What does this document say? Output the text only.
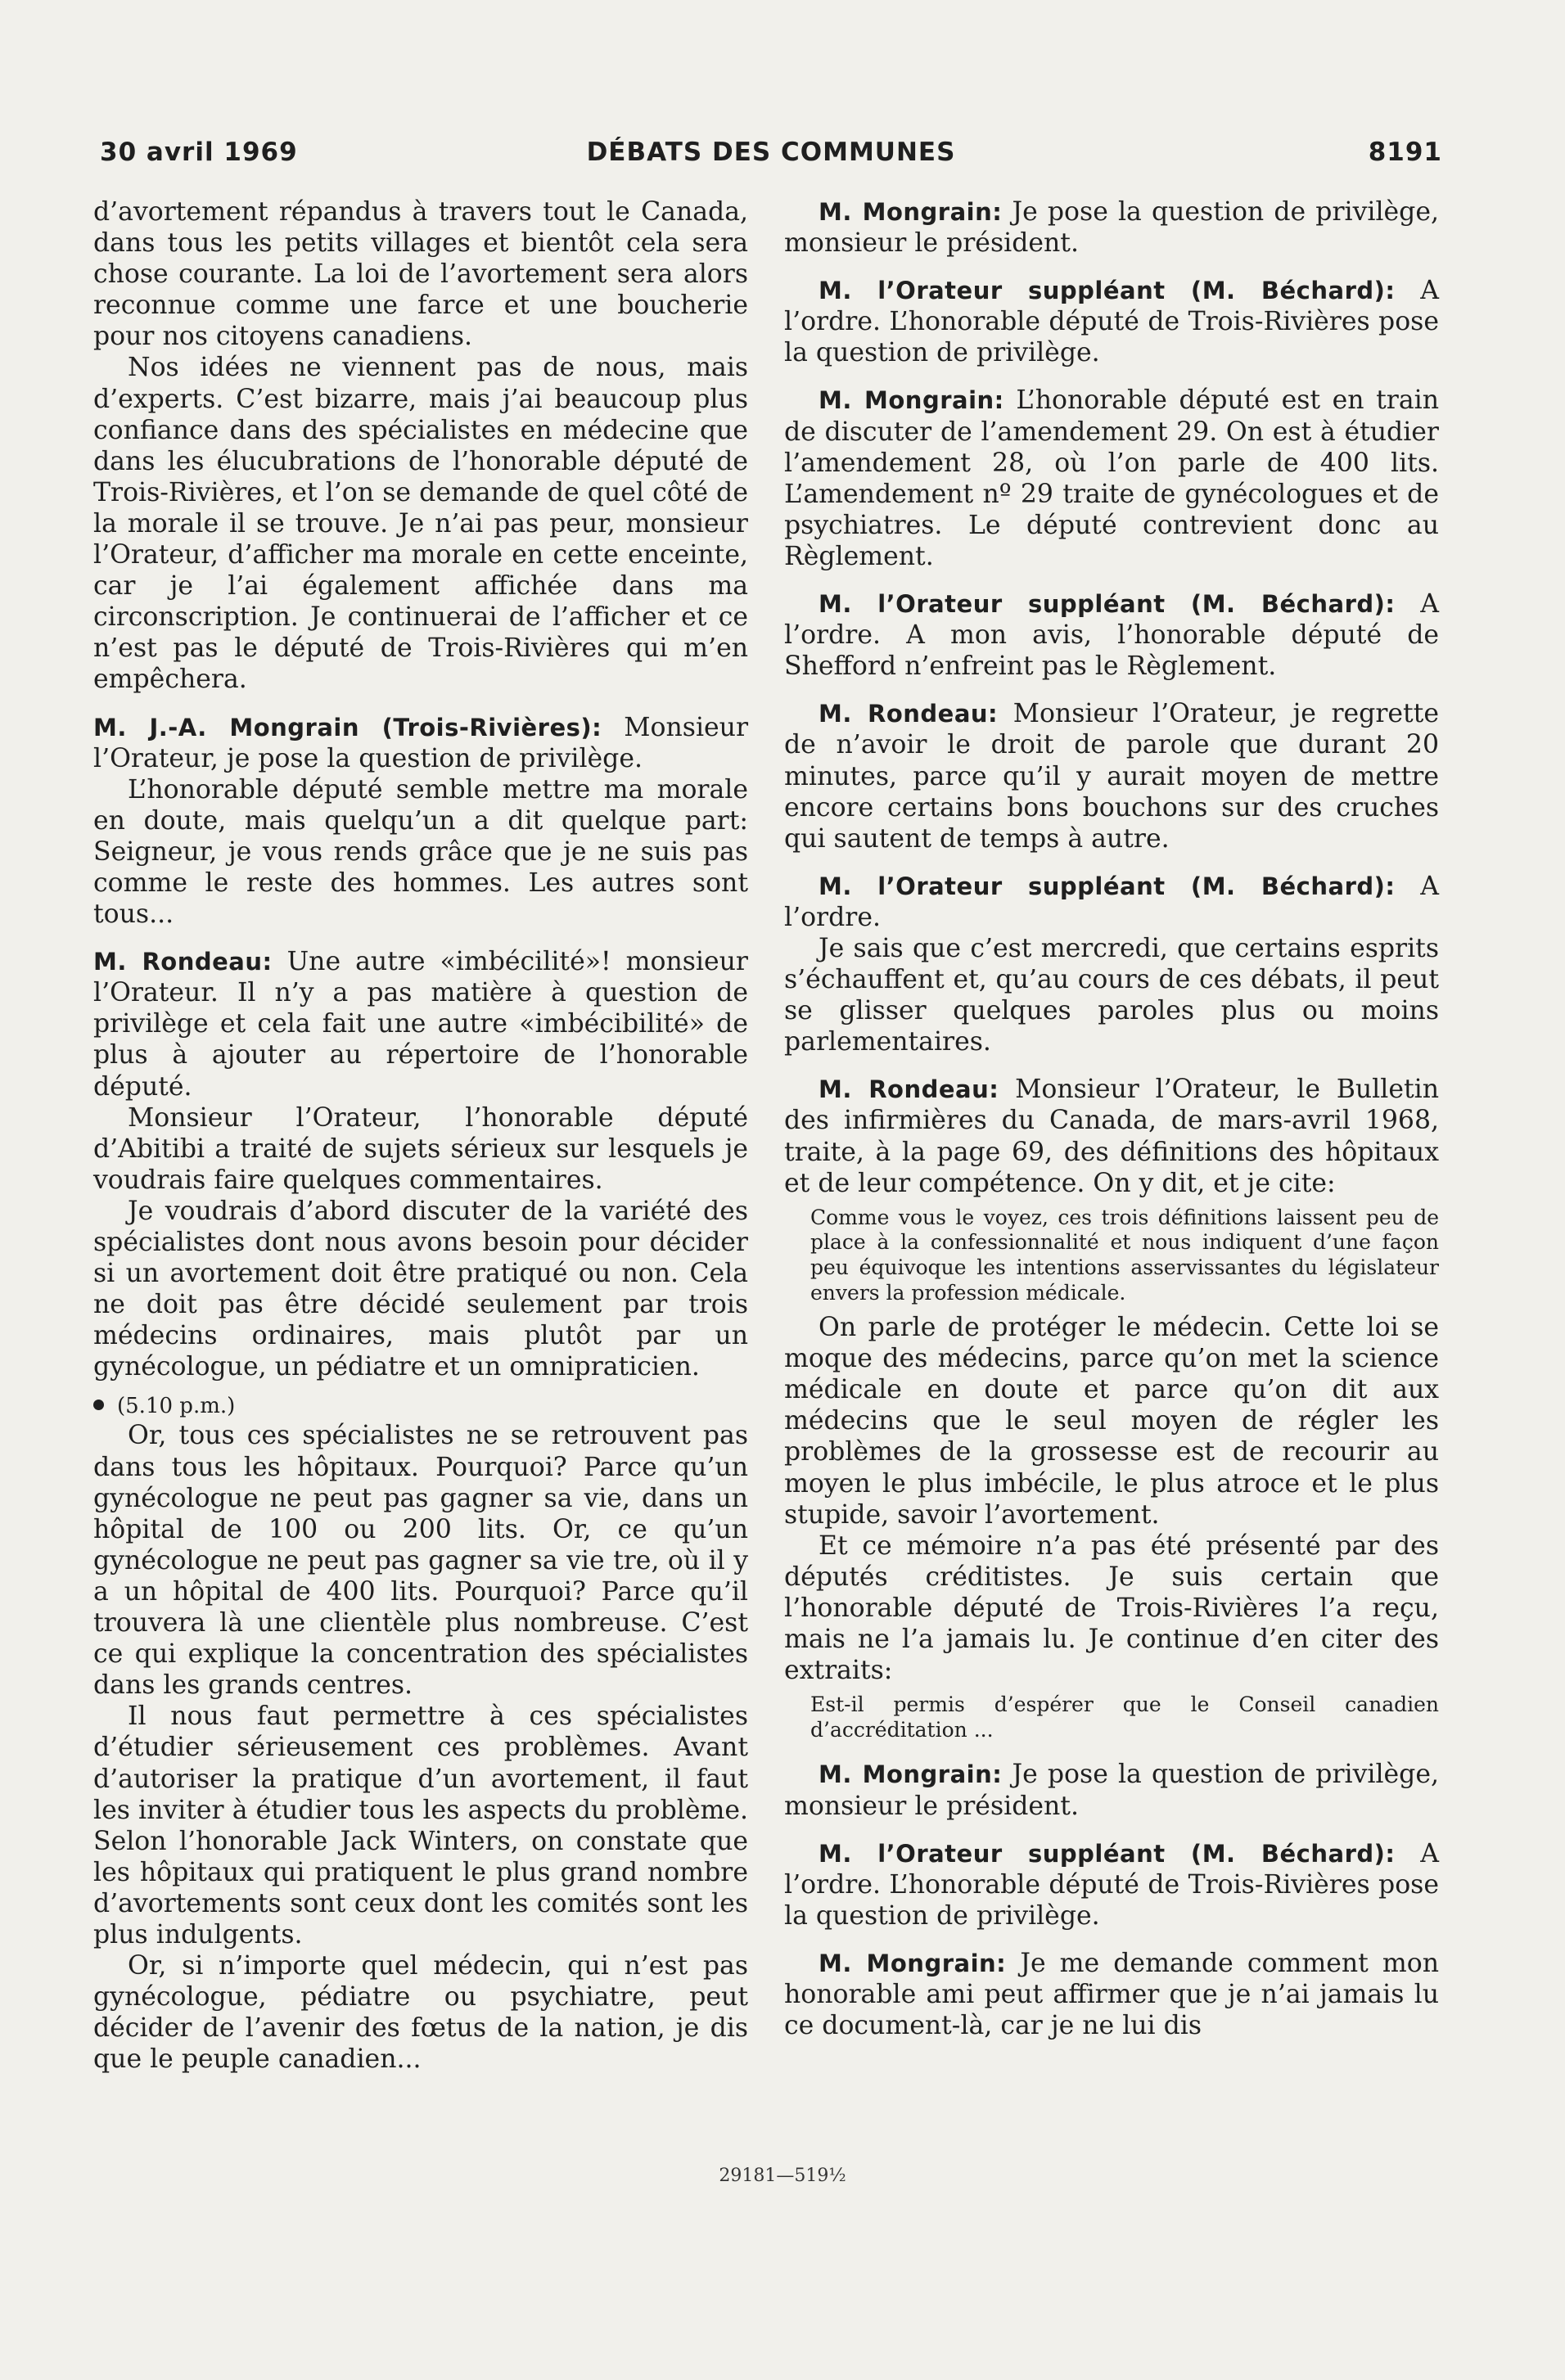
30 avril 1969	DÉBATS DES COMMUNES	8191

d’avortement répandus à travers tout le Canada, dans tous les petits villages et bientôt cela sera chose courante. La loi de l’avortement sera alors reconnue comme une farce et une boucherie pour nos citoyens canadiens.

Nos idées ne viennent pas de nous, mais d’experts. C’est bizarre, mais j’ai beaucoup plus confiance dans des spécialistes en médecine que dans les élucubrations de l’honorable député de Trois-Rivières, et l’on se demande de quel côté de la morale il se trouve. Je n’ai pas peur, monsieur l’Orateur, d’afficher ma morale en cette enceinte, car je l’ai également affichée dans ma circonscription. Je continuerai de l’afficher et ce n’est pas le député de Trois-Rivières qui m’en empêchera.

M. J.-A. Mongrain (Trois-Rivières): Monsieur l’Orateur, je pose la question de privilège.

L’honorable député semble mettre ma morale en doute, mais quelqu’un a dit quelque part: Seigneur, je vous rends grâce que je ne suis pas comme le reste des hommes. Les autres sont tous...

M. Rondeau: Une autre «imbécilité»! monsieur l’Orateur. Il n’y a pas matière à question de privilège et cela fait une autre «imbécibilité» de plus à ajouter au répertoire de l’honorable député.

Monsieur l’Orateur, l’honorable député d’Abitibi a traité de sujets sérieux sur lesquels je voudrais faire quelques commentaires.

Je voudrais d’abord discuter de la variété des spécialistes dont nous avons besoin pour décider si un avortement doit être pratiqué ou non. Cela ne doit pas être décidé seulement par trois médecins ordinaires, mais plutôt par un gynécologue, un pédiatre et un omnipraticien.

(5.10 p.m.)

Or, tous ces spécialistes ne se retrouvent pas dans tous les hôpitaux. Pourquoi? Parce qu’un gynécologue ne peut pas gagner sa vie, dans un hôpital de 100 ou 200 lits. Or, ce qu’un gynécologue ne peut pas gagner sa vie tre, où il y a un hôpital de 400 lits. Pourquoi? Parce qu’il trouvera là une clientèle plus nombreuse. C’est ce qui explique la concentration des spécialistes dans les grands centres.

Il nous faut permettre à ces spécialistes d’étudier sérieusement ces problèmes. Avant d’autoriser la pratique d’un avortement, il faut les inviter à étudier tous les aspects du problème. Selon l’honorable Jack Winters, on constate que les hôpitaux qui pratiquent le plus grand nombre d’avortements sont ceux dont les comités sont les plus indulgents.

Or, si n’importe quel médecin, qui n’est pas gynécologue, pédiatre ou psychiatre, peut décider de l’avenir des fœtus de la nation, je dis que le peuple canadien...

M. Mongrain: Je pose la question de privilège, monsieur le président.

M. l’Orateur suppléant (M. Béchard): A l’ordre. L’honorable député de Trois-Rivières pose la question de privilège.

M. Mongrain: L’honorable député est en train de discuter de l’amendement 29. On est à étudier l’amendement 28, où l’on parle de 400 lits. L’amendement nº 29 traite de gynécologues et de psychiatres. Le député contrevient donc au Règlement.

M. l’Orateur suppléant (M. Béchard): A l’ordre. A mon avis, l’honorable député de Shefford n’enfreint pas le Règlement.

M. Rondeau: Monsieur l’Orateur, je regrette de n’avoir le droit de parole que durant 20 minutes, parce qu’il y aurait moyen de mettre encore certains bons bouchons sur des cruches qui sautent de temps à autre.

M. l’Orateur suppléant (M. Béchard): A l’ordre.

Je sais que c’est mercredi, que certains esprits s’échauffent et, qu’au cours de ces débats, il peut se glisser quelques paroles plus ou moins parlementaires.

M. Rondeau: Monsieur l’Orateur, le Bulletin des infirmières du Canada, de mars-avril 1968, traite, à la page 69, des définitions des hôpitaux et de leur compétence. On y dit, et je cite:

Comme vous le voyez, ces trois définitions laissent peu de place à la confessionnalité et nous indiquent d’une façon peu équivoque les intentions asservissantes du législateur envers la profession médicale.

On parle de protéger le médecin. Cette loi se moque des médecins, parce qu’on met la science médicale en doute et parce qu’on dit aux médecins que le seul moyen de régler les problèmes de la grossesse est de recourir au moyen le plus imbécile, le plus atroce et le plus stupide, savoir l’avortement.

Et ce mémoire n’a pas été présenté par des députés créditistes. Je suis certain que l’honorable député de Trois-Rivières l’a reçu, mais ne l’a jamais lu. Je continue d’en citer des extraits:

Est-il permis d’espérer que le Conseil canadien d’accréditation ...

M. Mongrain: Je pose la question de privilège, monsieur le président.

M. l’Orateur suppléant (M. Béchard): A l’ordre. L’honorable député de Trois-Rivières pose la question de privilège.

M. Mongrain: Je me demande comment mon honorable ami peut affirmer que je n’ai jamais lu ce document-là, car je ne lui dis

29181—519½
